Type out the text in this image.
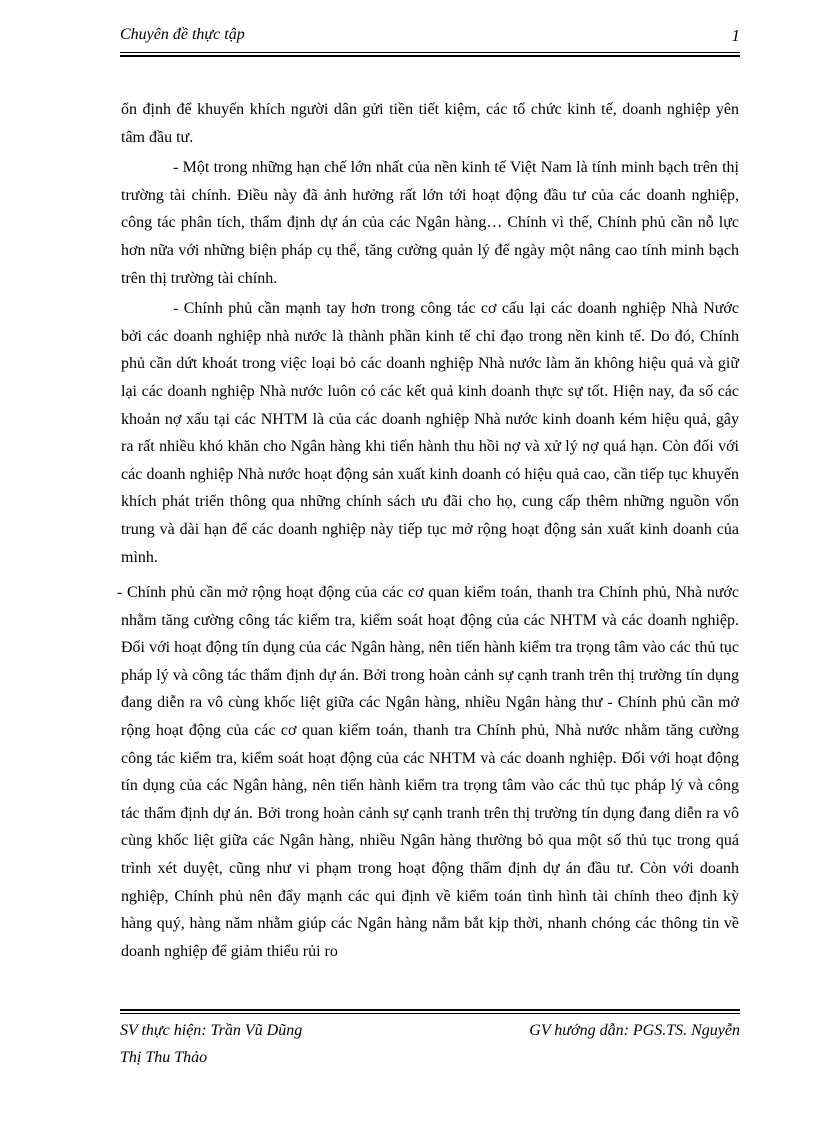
Chuyên đề thực tập	1

ổn định để khuyến khích người dân gửi tiền tiết kiệm, các tổ chức kinh tế, doanh nghiệp yên tâm đầu tư.

- Một trong những hạn chế lớn nhất của nền kinh tế Việt Nam là tính minh bạch trên thị trường tài chính. Điều này đã ảnh hưởng rất lớn tới hoạt động đầu tư của các doanh nghiệp, công tác phân tích, thẩm định dự án của các Ngân hàng… Chính vì thế, Chính phủ cần nỗ lực hơn nữa với những biện pháp cụ thể, tăng cường quản lý để ngày một nâng cao tính minh bạch trên thị trường tài chính.

- Chính phủ cần mạnh tay hơn trong công tác cơ cấu lại các doanh nghiệp Nhà Nước bởi các doanh nghiệp nhà nước là thành phần kinh tế chỉ đạo trong nền kinh tế. Do đó, Chính phủ cần dứt khoát trong việc loại bỏ các doanh nghiệp Nhà nước làm ăn không hiệu quả và giữ lại các doanh nghiệp Nhà nước luôn có các kết quả kinh doanh thực sự tốt. Hiện nay, đa số các khoản nợ xấu tại các NHTM là của các doanh nghiệp Nhà nước kinh doanh kém hiệu quả, gây ra rất nhiều khó khăn cho Ngân hàng khi tiến hành thu hồi nợ và xử lý nợ quá hạn. Còn đối với các doanh nghiệp Nhà nước hoạt động sản xuất kinh doanh có hiệu quả cao, cần tiếp tục khuyến khích phát triển thông qua những chính sách ưu đãi cho họ, cung cấp thêm những nguồn vốn trung và dài hạn để các doanh nghiệp này tiếp tục mở rộng hoạt động sản xuất kinh doanh của mình.

- Chính phủ cần mở rộng hoạt động của các cơ quan kiểm toán, thanh tra Chính phủ, Nhà nước nhằm tăng cường công tác kiểm tra, kiểm soát hoạt động của các NHTM và các doanh nghiệp. Đối với hoạt động tín dụng của các Ngân hàng, nên tiến hành kiểm tra trọng tâm vào các thủ tục pháp lý và công tác thẩm định dự án. Bởi trong hoàn cảnh sự cạnh tranh trên thị trường tín dụng đang diễn ra vô cùng khốc liệt giữa các Ngân hàng, nhiều Ngân hàng thư - Chính phủ cần mở rộng hoạt động của các cơ quan kiểm toán, thanh tra Chính phủ, Nhà nước nhằm tăng cường công tác kiểm tra, kiểm soát hoạt động của các NHTM và các doanh nghiệp. Đối với hoạt động tín dụng của các Ngân hàng, nên tiến hành kiểm tra trọng tâm vào các thủ tục pháp lý và công tác thẩm định dự án. Bởi trong hoàn cảnh sự cạnh tranh trên thị trường tín dụng đang diễn ra vô cùng khốc liệt giữa các Ngân hàng, nhiều Ngân hàng thường bỏ qua một số thủ tục trong quá trình xét duyệt, cũng như vi phạm trong hoạt động thẩm định dự án đầu tư. Còn với doanh nghiệp, Chính phủ nên đẩy mạnh các qui định về kiểm toán tình hình tài chính theo định kỳ hàng quý, hàng năm nhằm giúp các Ngân hàng nắm bắt kịp thời, nhanh chóng các thông tin về doanh nghiệp để giảm thiểu rủi ro

SV thực hiện: Trần Vũ Dũng	GV hướng dẫn: PGS.TS. Nguyễn
Thị Thu Thảo
